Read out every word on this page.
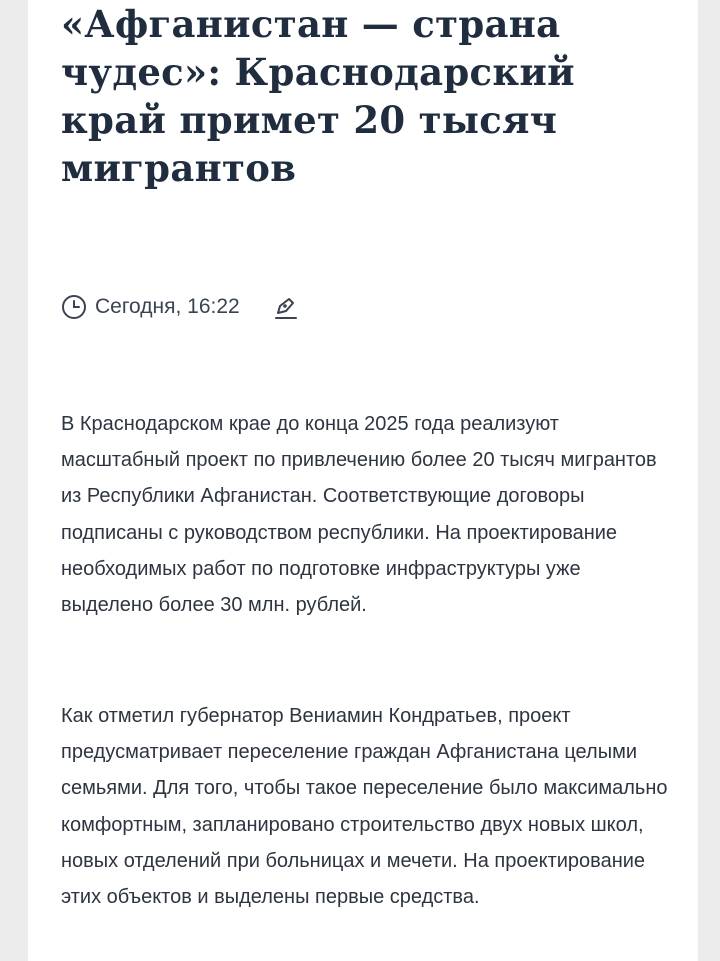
«Афганистан — страна чудес»: Краснодарский край примет 20 тысяч мигрантов
Сегодня, 16:22

В Краснодарском крае до конца 2025 года реализуют масштабный проект по привлечению более 20 тысяч мигрантов из Республики Афганистан. Соответствующие договоры подписаны с руководством республики. На проектирование необходимых работ по подготовке инфраструктуры уже выделено более 30 млн. рублей.

Как отметил губернатор Вениамин Кондратьев, проект предусматривает переселение граждан Афганистана целыми семьями. Для того, чтобы такое переселение было максимально комфортным, запланировано строительство двух новых школ, новых отделений при больницах и мечети. На проектирование этих объектов и выделены первые средства.
